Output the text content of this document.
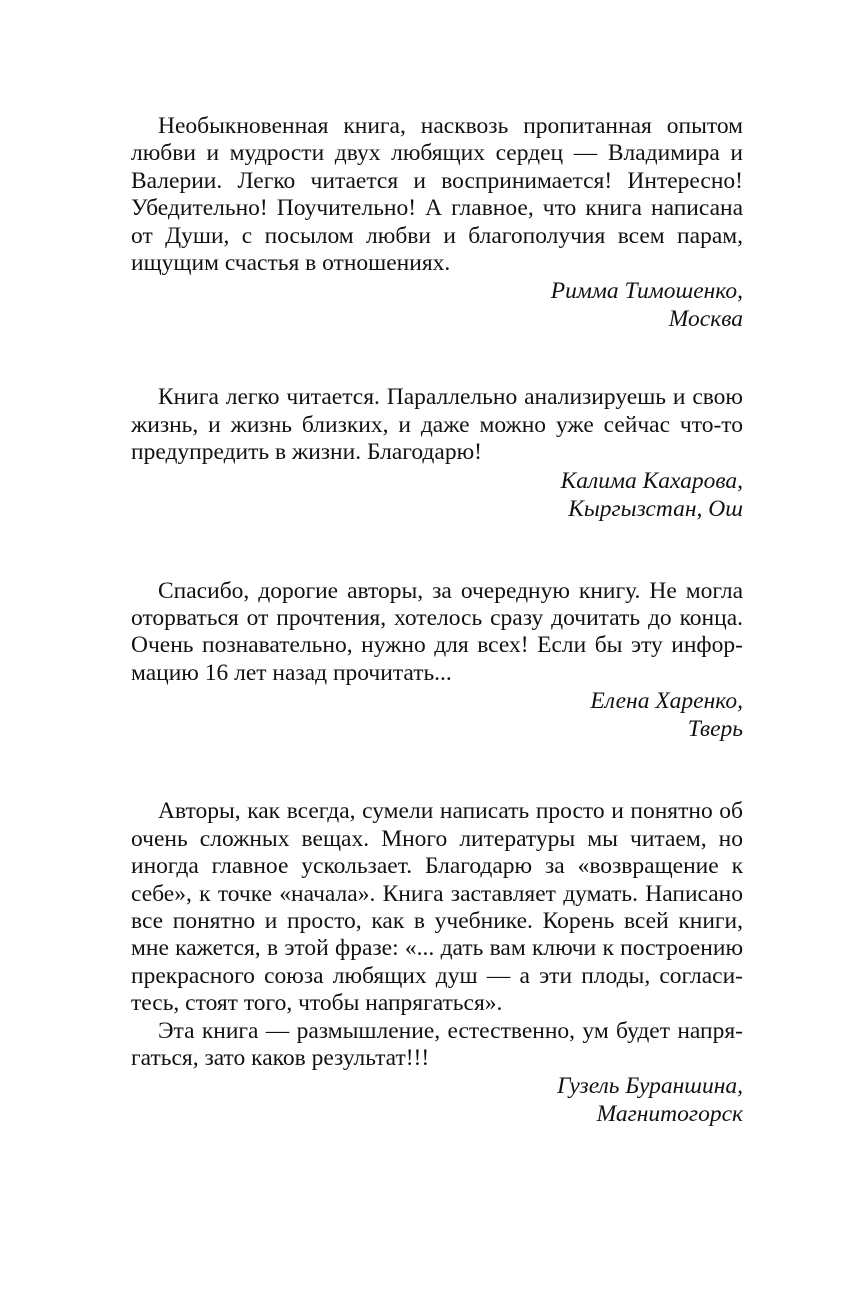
Необыкновенная книга, насквозь пропитанная опытом любви и мудрости двух любящих сердец — Владимира и Валерии. Легко читается и воспринимается! Интересно! Убедительно! Поучительно! А главное, что книга написана от Души, с посылом любви и благополучия всем парам, ищущим счастья в отношениях.

Римма Тимошенко,
Москва

Книга легко читается. Параллельно анализируешь и свою жизнь, и жизнь близких, и даже можно уже сейчас что-то предупредить в жизни. Благодарю!

Калима Кахарова,
Кыргызстан, Ош

Спасибо, дорогие авторы, за очередную книгу. Не могла оторваться от прочтения, хотелось сразу дочитать до конца. Очень познавательно, нужно для всех! Если бы эту информацию 16 лет назад прочитать...

Елена Харенко,
Тверь

Авторы, как всегда, сумели написать просто и понятно об очень сложных вещах. Много литературы мы читаем, но иногда главное ускользает. Благодарю за «возвращение к себе», к точке «начала». Книга заставляет думать. Написано все понятно и просто, как в учебнике. Корень всей книги, мне кажется, в этой фразе: «... дать вам ключи к построению прекрасного союза любящих душ — а эти плоды, согласитесь, стоят того, чтобы напрягаться».

Эта книга — размышление, естественно, ум будет напрягаться, зато каков результат!!!

Гузель Бураншина,
Магнитогорск
